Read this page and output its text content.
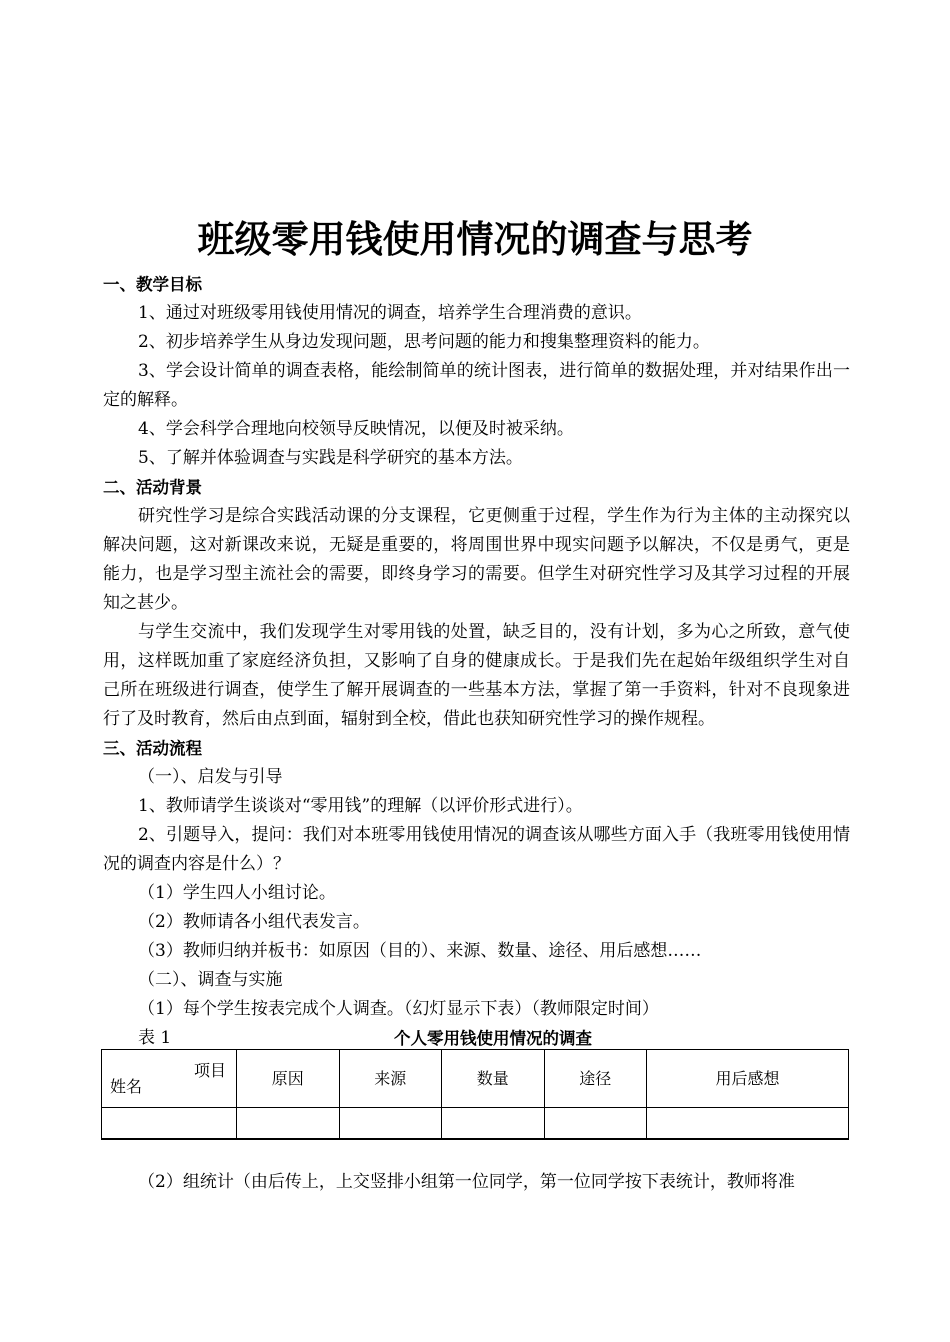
班级零用钱使用情况的调查与思考

一、教学目标

1、通过对班级零用钱使用情况的调查，培养学生合理消费的意识。

2、初步培养学生从身边发现问题，思考问题的能力和搜集整理资料的能力。

3、学会设计简单的调查表格，能绘制简单的统计图表，进行简单的数据处理，并对结果作出一定的解释。

4、学会科学合理地向校领导反映情况，以便及时被采纳。

5、了解并体验调查与实践是科学研究的基本方法。

二、活动背景

研究性学习是综合实践活动课的分支课程，它更侧重于过程，学生作为行为主体的主动探究以解决问题，这对新课改来说，无疑是重要的，将周围世界中现实问题予以解决，不仅是勇气，更是能力，也是学习型主流社会的需要，即终身学习的需要。但学生对研究性学习及其学习过程的开展知之甚少。

与学生交流中，我们发现学生对零用钱的处置，缺乏目的，没有计划，多为心之所致，意气使用，这样既加重了家庭经济负担，又影响了自身的健康成长。于是我们先在起始年级组织学生对自己所在班级进行调查，使学生了解开展调查的一些基本方法，掌握了第一手资料，针对不良现象进行了及时教育，然后由点到面，辐射到全校，借此也获知研究性学习的操作规程。

三、活动流程

（一）、启发与引导

1、教师请学生谈谈对“零用钱”的理解（以评价形式进行）。

2、引题导入，提问：我们对本班零用钱使用情况的调查该从哪些方面入手（我班零用钱使用情况的调查内容是什么）？

（1）学生四人小组讨论。

（2）教师请各小组代表发言。

（3）教师归纳并板书：如原因（目的）、来源、数量、途径、用后感想……

（二）、调查与实施

（1）每个学生按表完成个人调查。（幻灯显示下表）（教师限定时间）

表 1	个人零用钱使用情况的调查
项目
姓名	原因	来源	数量	途径	用后感想

（2）组统计（由后传上，上交竖排小组第一位同学，第一位同学按下表统计，教师将准
